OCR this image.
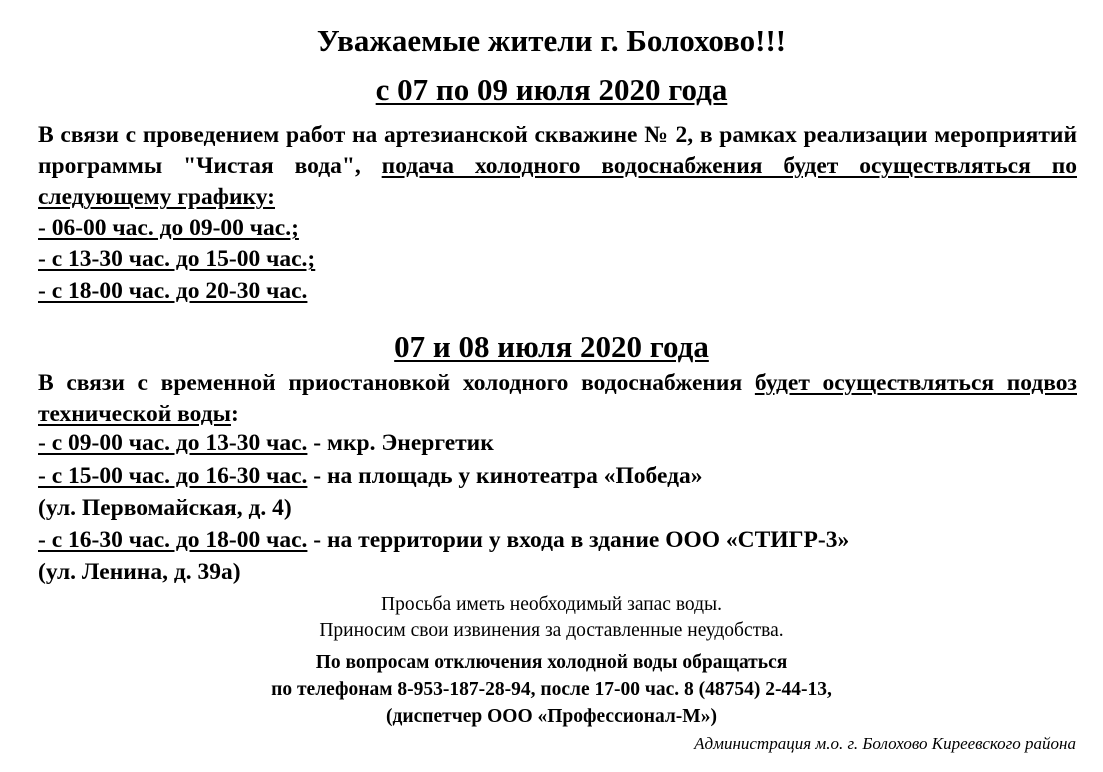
Уважаемые жители г. Болохово!!!
с 07 по 09 июля 2020 года
В связи с проведением работ на артезианской скважине № 2, в рамках реализации мероприятий программы "Чистая вода", подача холодного водоснабжения будет осуществляться по следующему графику:
- 06-00 час. до 09-00 час.;
- с 13-30 час. до 15-00 час.;
- с 18-00 час. до 20-30 час.
07 и 08 июля 2020 года
В связи с временной приостановкой холодного водоснабжения будет осуществляться подвоз технической воды:
- с 09-00 час. до 13-30 час. - мкр. Энергетик
- с 15-00 час. до 16-30 час. - на площадь у кинотеатра «Победа»
(ул. Первомайская, д. 4)
- с 16-30 час. до 18-00 час. - на территории у входа в здание ООО «СТИГР-3»
(ул. Ленина, д. 39а)
Просьба иметь необходимый запас воды.
Приносим свои извинения за доставленные неудобства.
По вопросам отключения холодной воды обращаться
по телефонам 8-953-187-28-94, после 17-00 час. 8 (48754) 2-44-13,
(диспетчер ООО «Профессионал-М»)
Администрация м.о. г. Болохово Киреевского района
